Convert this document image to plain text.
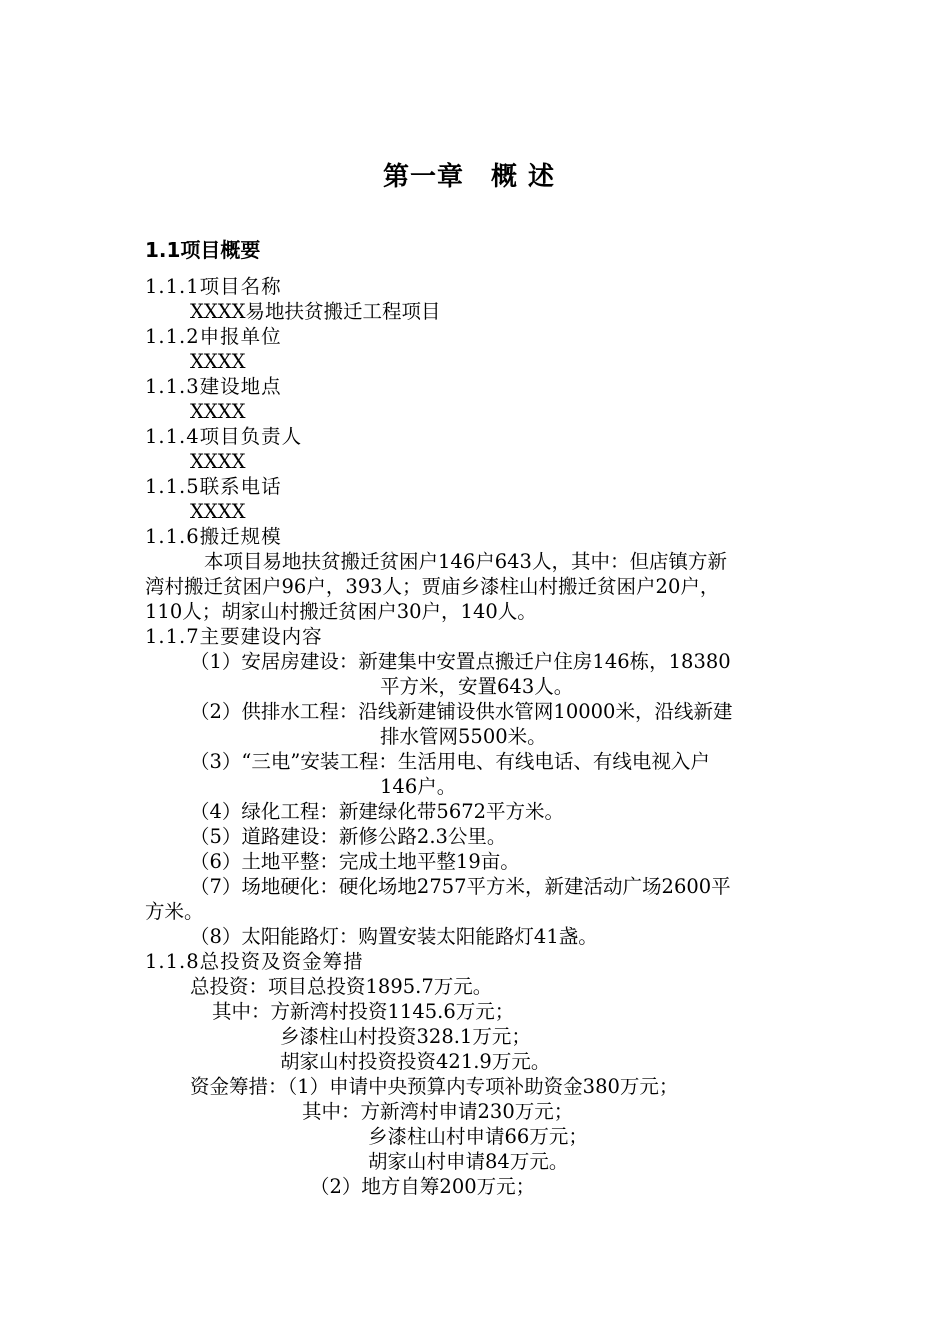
第一章　概 述
1.1项目概要
1.1.1项目名称
XXXX易地扶贫搬迁工程项目
1.1.2申报单位
XXXX
1.1.3建设地点
XXXX
1.1.4项目负责人
XXXX
1.1.5联系电话
XXXX
1.1.6搬迁规模
本项目易地扶贫搬迁贫困户146户643人，其中：但店镇方新
湾村搬迁贫困户96户，393人；贾庙乡漆柱山村搬迁贫困户20户，
110人；胡家山村搬迁贫困户30户，140人。
1.1.7主要建设内容
（1）安居房建设：新建集中安置点搬迁户住房146栋，18380
平方米，安置643人。
（2）供排水工程：沿线新建铺设供水管网10000米，沿线新建
排水管网5500米。
（3）“三电”安装工程：生活用电、有线电话、有线电视入户
146户。
（4）绿化工程：新建绿化带5672平方米。
（5）道路建设：新修公路2.3公里。
（6）土地平整：完成土地平整19亩。
（7）场地硬化：硬化场地2757平方米，新建活动广场2600平
方米。
（8）太阳能路灯：购置安装太阳能路灯41盏。
1.1.8总投资及资金筹措
总投资：项目总投资1895.7万元。
其中：方新湾村投资1145.6万元；
乡漆柱山村投资328.1万元；
胡家山村投资投资421.9万元。
资金筹措：（1）申请中央预算内专项补助资金380万元；
其中：方新湾村申请230万元；
乡漆柱山村申请66万元；
胡家山村申请84万元。
（2）地方自筹200万元；
